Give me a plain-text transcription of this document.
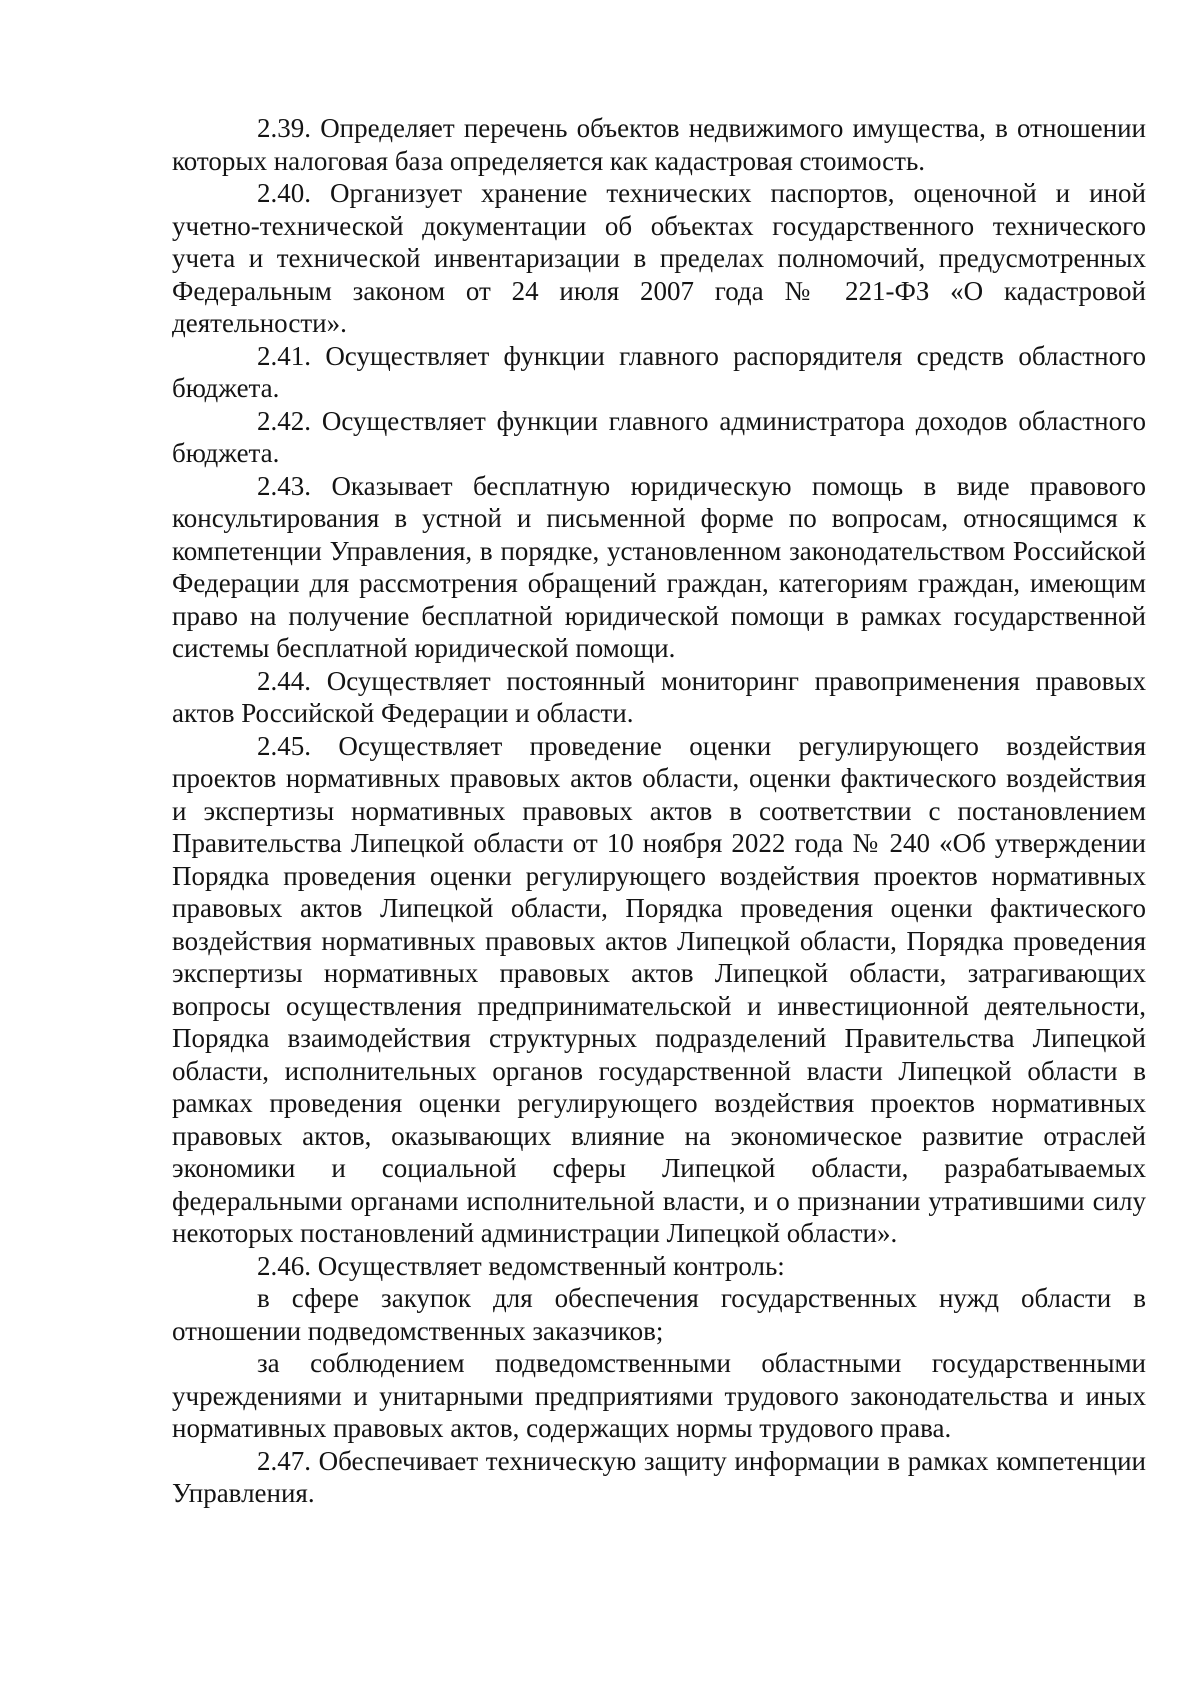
2.39. Определяет перечень объектов недвижимого имущества, в отношении которых налоговая база определяется как кадастровая стоимость.

2.40. Организует хранение технических паспортов, оценочной и иной учетно-технической документации об объектах государственного технического учета и технической инвентаризации в пределах полномочий, предусмотренных Федеральным законом от 24 июля 2007 года № 221-ФЗ «О кадастровой деятельности».

2.41. Осуществляет функции главного распорядителя средств областного бюджета.

2.42. Осуществляет функции главного администратора доходов областного бюджета.

2.43. Оказывает бесплатную юридическую помощь в виде правового консультирования в устной и письменной форме по вопросам, относящимся к компетенции Управления, в порядке, установленном законодательством Российской Федерации для рассмотрения обращений граждан, категориям граждан, имеющим право на получение бесплатной юридической помощи в рамках государственной системы бесплатной юридической помощи.

2.44. Осуществляет постоянный мониторинг правоприменения правовых актов Российской Федерации и области.

2.45. Осуществляет проведение оценки регулирующего воздействия проектов нормативных правовых актов области, оценки фактического воздействия и экспертизы нормативных правовых актов в соответствии с постановлением Правительства Липецкой области от 10 ноября 2022 года № 240 «Об утверждении Порядка проведения оценки регулирующего воздействия проектов нормативных правовых актов Липецкой области, Порядка проведения оценки фактического воздействия нормативных правовых актов Липецкой области, Порядка проведения экспертизы нормативных правовых актов Липецкой области, затрагивающих вопросы осуществления предпринимательской и инвестиционной деятельности, Порядка взаимодействия структурных подразделений Правительства Липецкой области, исполнительных органов государственной власти Липецкой области в рамках проведения оценки регулирующего воздействия проектов нормативных правовых актов, оказывающих влияние на экономическое развитие отраслей экономики и социальной сферы Липецкой области, разрабатываемых федеральными органами исполнительной власти, и о признании утратившими силу некоторых постановлений администрации Липецкой области».

2.46. Осуществляет ведомственный контроль:

в сфере закупок для обеспечения государственных нужд области в отношении подведомственных заказчиков;

за соблюдением подведомственными областными государственными учреждениями и унитарными предприятиями трудового законодательства и иных нормативных правовых актов, содержащих нормы трудового права.

2.47. Обеспечивает техническую защиту информации в рамках компетенции Управления.
